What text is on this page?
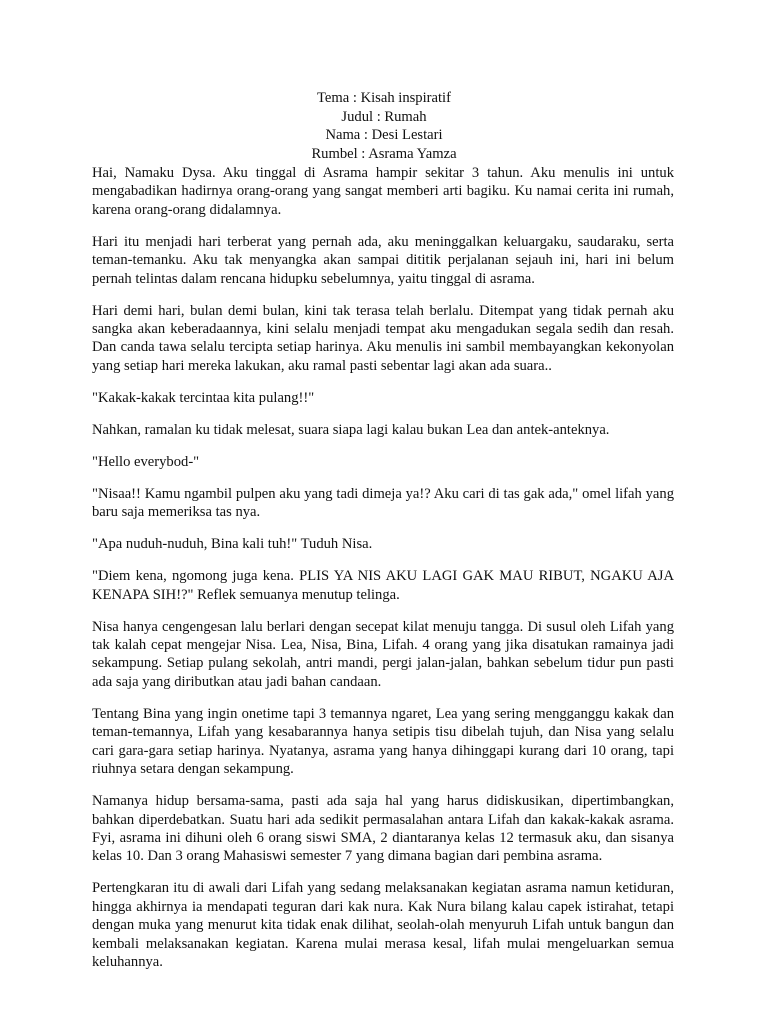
Tema : Kisah inspiratif
Judul : Rumah
Nama : Desi Lestari
Rumbel : Asrama Yamza

Hai, Namaku Dysa. Aku tinggal di Asrama hampir sekitar 3 tahun. Aku menulis ini untuk mengabadikan hadirnya orang-orang yang sangat memberi arti bagiku. Ku namai cerita ini rumah, karena orang-orang didalamnya.

Hari itu menjadi hari terberat yang pernah ada, aku meninggalkan keluargaku, saudaraku, serta teman-temanku. Aku tak menyangka akan sampai dititik perjalanan sejauh ini, hari ini belum pernah telintas dalam rencana hidupku sebelumnya, yaitu tinggal di asrama.

Hari demi hari, bulan demi bulan, kini tak terasa telah berlalu. Ditempat yang tidak pernah aku sangka akan keberadaannya, kini selalu menjadi tempat aku mengadukan segala sedih dan resah. Dan canda tawa selalu tercipta setiap harinya. Aku menulis ini sambil membayangkan kekonyolan yang setiap hari mereka lakukan, aku ramal pasti sebentar lagi akan ada suara..

"Kakak-kakak tercintaa kita pulang!!"

Nahkan, ramalan ku tidak melesat, suara siapa lagi kalau bukan Lea dan antek-anteknya.

"Hello everybod-"

"Nisaa!! Kamu ngambil pulpen aku yang tadi dimeja ya!? Aku cari di tas gak ada," omel lifah yang baru saja memeriksa tas nya.

"Apa nuduh-nuduh, Bina kali tuh!" Tuduh Nisa.

"Diem kena, ngomong juga kena. PLIS YA NIS AKU LAGI GAK MAU RIBUT, NGAKU AJA KENAPA SIH!?" Reflek semuanya menutup telinga.

Nisa hanya cengengesan lalu berlari dengan secepat kilat menuju tangga. Di susul oleh Lifah yang tak kalah cepat mengejar Nisa. Lea, Nisa, Bina, Lifah. 4 orang yang jika disatukan ramainya jadi sekampung. Setiap pulang sekolah, antri mandi, pergi jalan-jalan, bahkan sebelum tidur pun pasti ada saja yang diributkan atau jadi bahan candaan.

Tentang Bina yang ingin onetime tapi 3 temannya ngaret, Lea yang sering mengganggu kakak dan teman-temannya, Lifah yang kesabarannya hanya setipis tisu dibelah tujuh, dan Nisa yang selalu cari gara-gara setiap harinya. Nyatanya, asrama yang hanya dihinggapi kurang dari 10 orang, tapi riuhnya setara dengan sekampung.

Namanya hidup bersama-sama, pasti ada saja hal yang harus didiskusikan, dipertimbangkan, bahkan diperdebatkan. Suatu hari ada sedikit permasalahan antara Lifah dan kakak-kakak asrama. Fyi, asrama ini dihuni oleh 6 orang siswi SMA, 2 diantaranya kelas 12 termasuk aku, dan sisanya kelas 10. Dan 3 orang Mahasiswi semester 7 yang dimana bagian dari pembina asrama.

Pertengkaran itu di awali dari Lifah yang sedang melaksanakan kegiatan asrama namun ketiduran, hingga akhirnya ia mendapati teguran dari kak nura. Kak Nura bilang kalau capek istirahat, tetapi dengan muka yang menurut kita tidak enak dilihat, seolah-olah menyuruh Lifah untuk bangun dan kembali melaksanakan kegiatan. Karena mulai merasa kesal, lifah mulai mengeluarkan semua keluhannya.
